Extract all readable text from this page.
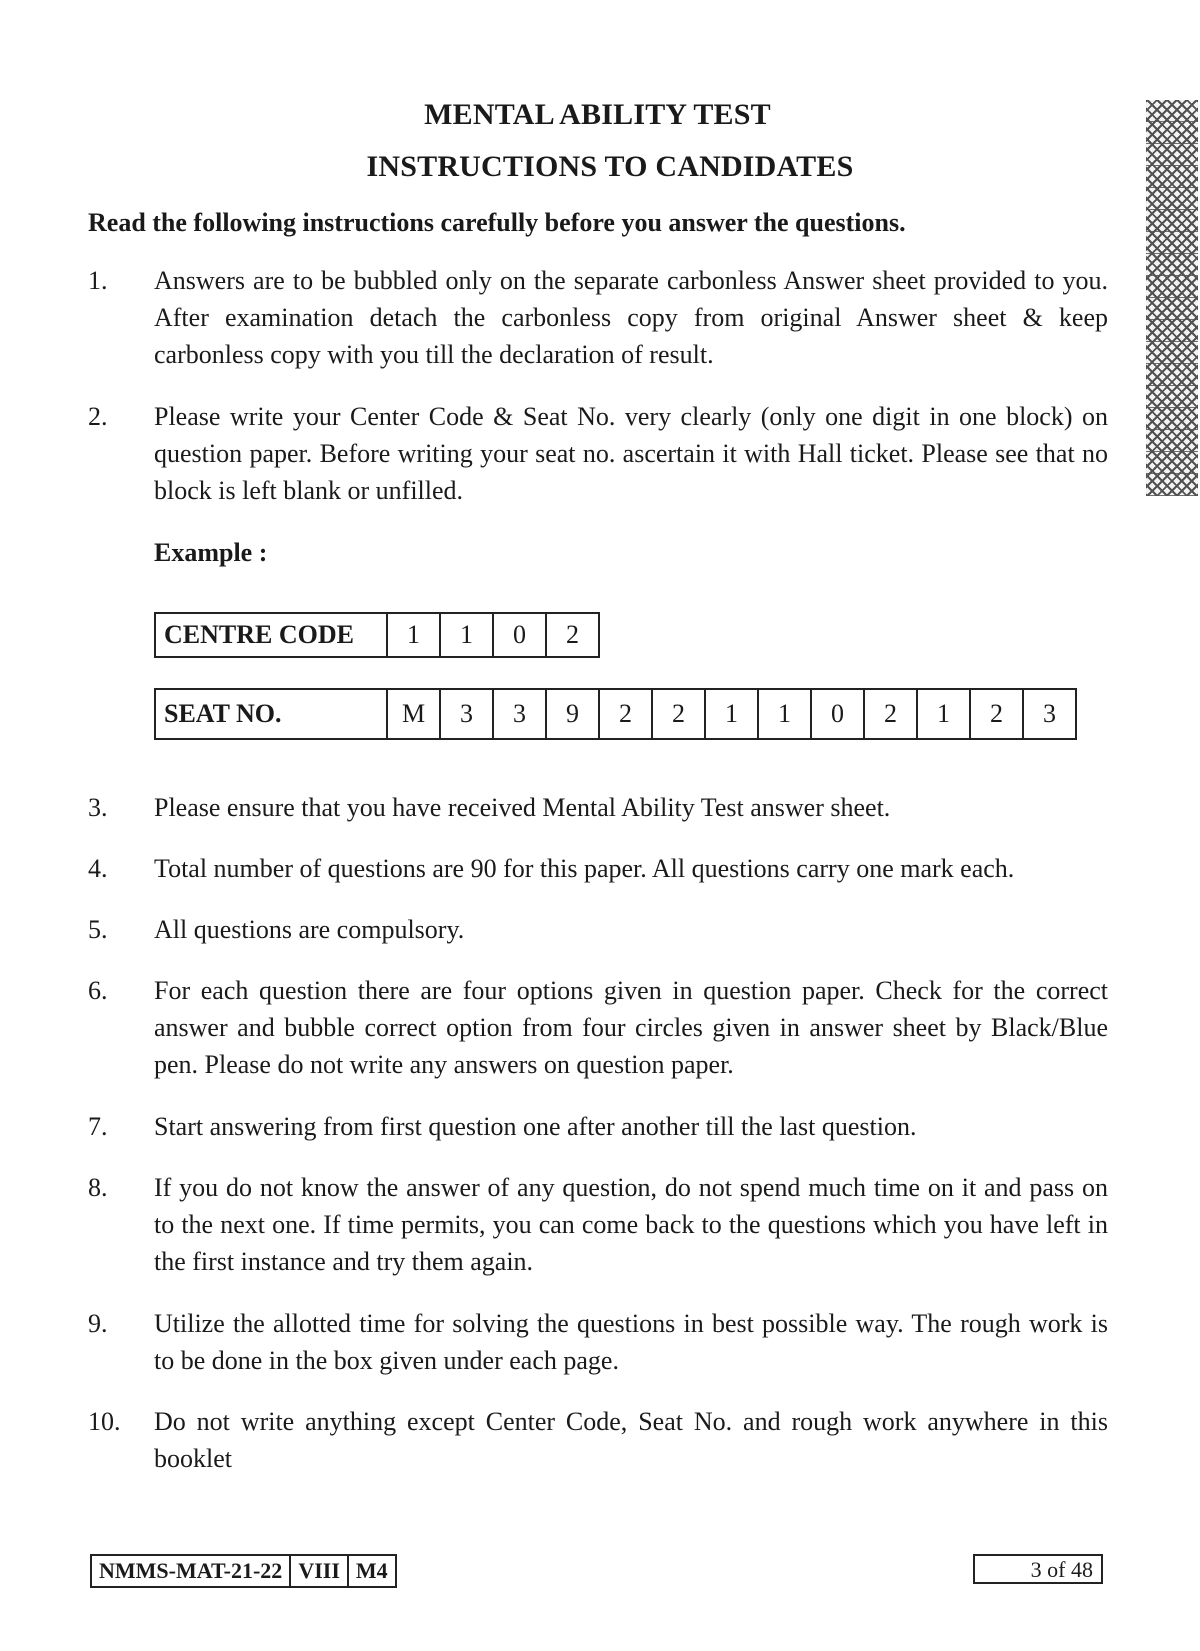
MENTAL ABILITY TEST
INSTRUCTIONS TO CANDIDATES
Read the following instructions carefully before you answer the questions.
1. Answers are to be bubbled only on the separate carbonless Answer sheet provided to you. After examination detach the carbonless copy from original Answer sheet & keep carbonless copy with you till the declaration of result.
2. Please write your Center Code & Seat No. very clearly (only one digit in one block) on question paper. Before writing your seat no. ascertain it with Hall ticket. Please see that no block is left blank or unfilled.
Example :
CENTRE CODE	1	1	0	2
SEAT NO.	M	3	3	9	2	2	1	1	0	2	1	2	3
3. Please ensure that you have received Mental Ability Test answer sheet.
4. Total number of questions are 90 for this paper. All questions carry one mark each.
5. All questions are compulsory.
6. For each question there are four options given in question paper. Check for the correct answer and bubble correct option from four circles given in answer sheet by Black/Blue pen. Please do not write any answers on question paper.
7. Start answering from first question one after another till the last question.
8. If you do not know the answer of any question, do not spend much time on it and pass on to the next one. If time permits, you can come back to the questions which you have left in the first instance and try them again.
9. Utilize the allotted time for solving the questions in best possible way. The rough work is to be done in the box given under each page.
10. Do not write anything except Center Code, Seat No. and rough work anywhere in this booklet
NMMS-MAT-21-22	VIII	M4	3 of 48
